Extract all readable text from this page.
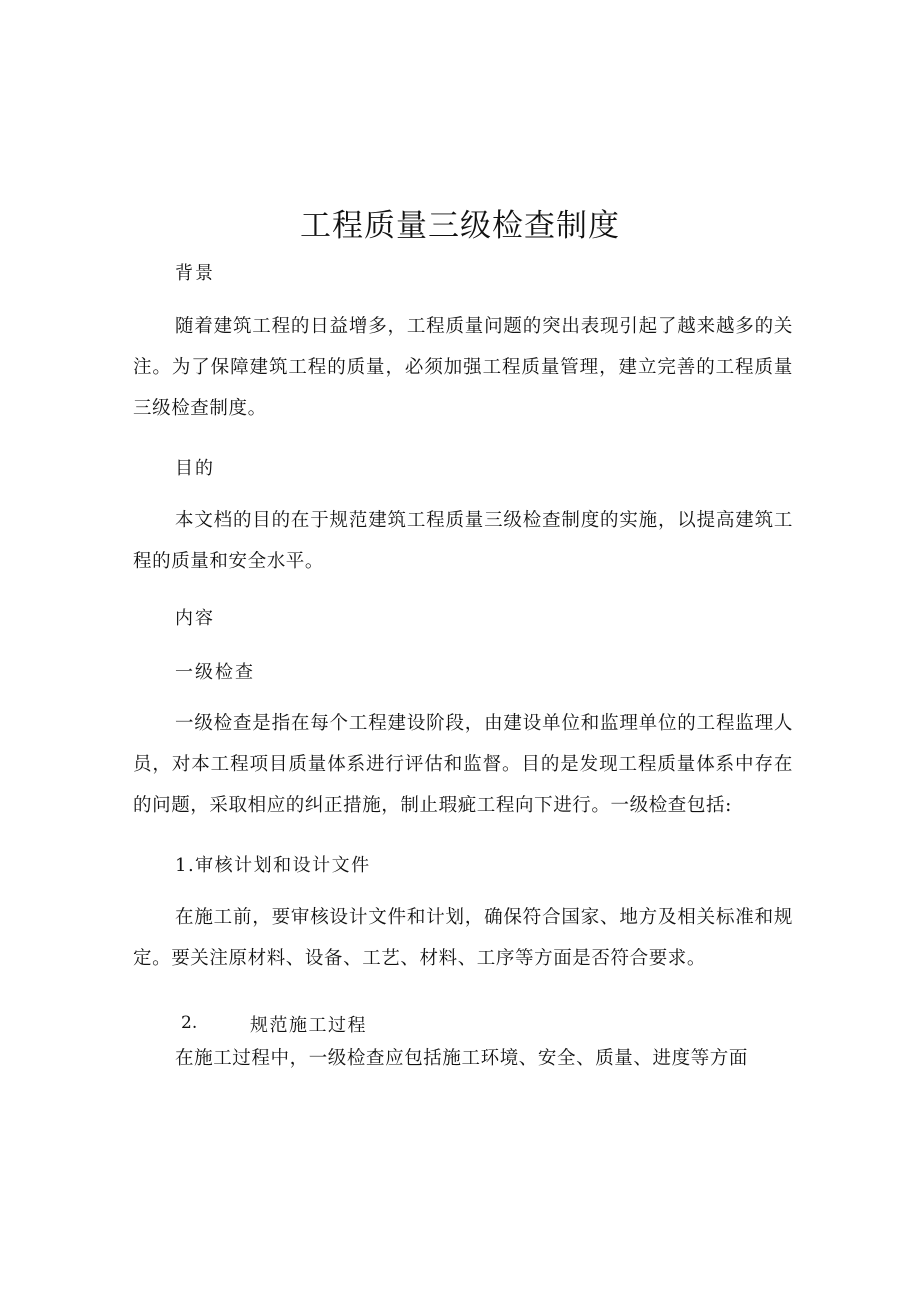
工程质量三级检查制度
背景
随着建筑工程的日益增多，工程质量问题的突出表现引起了越来越多的关注。为了保障建筑工程的质量，必须加强工程质量管理，建立完善的工程质量三级检查制度。
目的
本文档的目的在于规范建筑工程质量三级检查制度的实施，以提高建筑工程的质量和安全水平。
内容
一级检查
一级检查是指在每个工程建设阶段，由建设单位和监理单位的工程监理人员，对本工程项目质量体系进行评估和监督。目的是发现工程质量体系中存在的问题，采取相应的纠正措施，制止瑕疵工程向下进行。一级检查包括:
1.审核计划和设计文件
在施工前，要审核设计文件和计划，确保符合国家、地方及相关标准和规定。要关注原材料、设备、工艺、材料、工序等方面是否符合要求。
2.	规范施工过程
在施工过程中，一级检查应包括施工环境、安全、质量、进度等方面
